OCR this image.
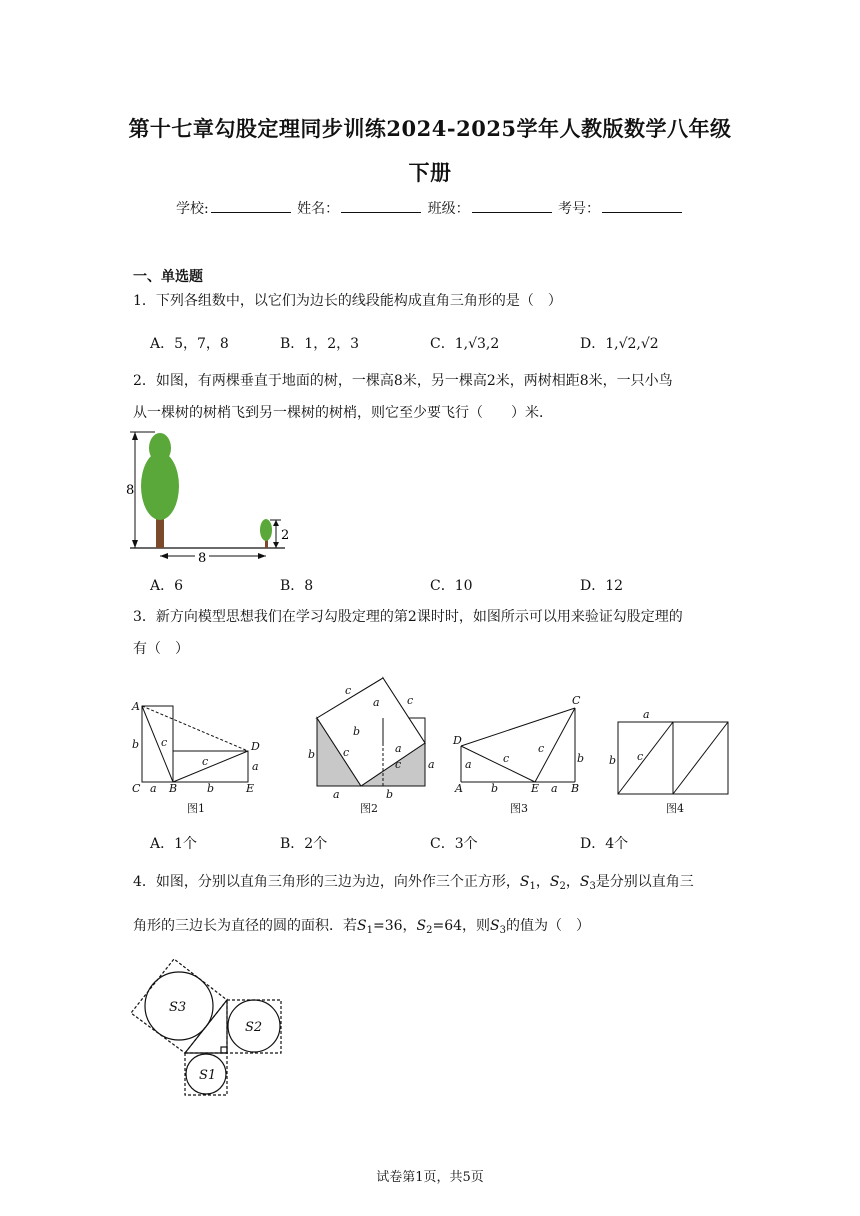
第十七章勾股定理同步训练2024-2025学年人教版数学八年级
下册
学校:	姓名：	班级：	考号：
一、单选题
1．下列各组数中，以它们为边长的线段能构成直角三角形的是（　）
A．5，7，8	B．1，2，3	C．1,√3,2	D．1,√2,√2
2．如图，有两棵垂直于地面的树，一棵高8米，另一棵高2米，两树相距8米，一只小鸟
从一棵树的树梢飞到另一棵树的树梢，则它至少要飞行（　　）米．
8
2
8
A．6	B．8	C．10	D．12
3．新方向模型思想我们在学习勾股定理的第2课时时，如图所示可以用来验证勾股定理的
有（　）
A
C	B
D
E
b
a	b
a
c
c
c
c
a
b
a
b
a
c
c
a	b
D
A	E	B
C
a
b	a
b
c
c
a
b c
图1	图2	图3	图4
A．1个	B．2个	C．3个	D．4个
4．如图，分别以直角三角形的三边为边，向外作三个正方形，$S_1$，$S_2$，$S_3$是分别以直角三
角形的三边长为直径的圆的面积．若$S_1=36$，$S_2=64$，则$S_3$的值为（　）
S3
S2
S1
试卷第1页，共5页
